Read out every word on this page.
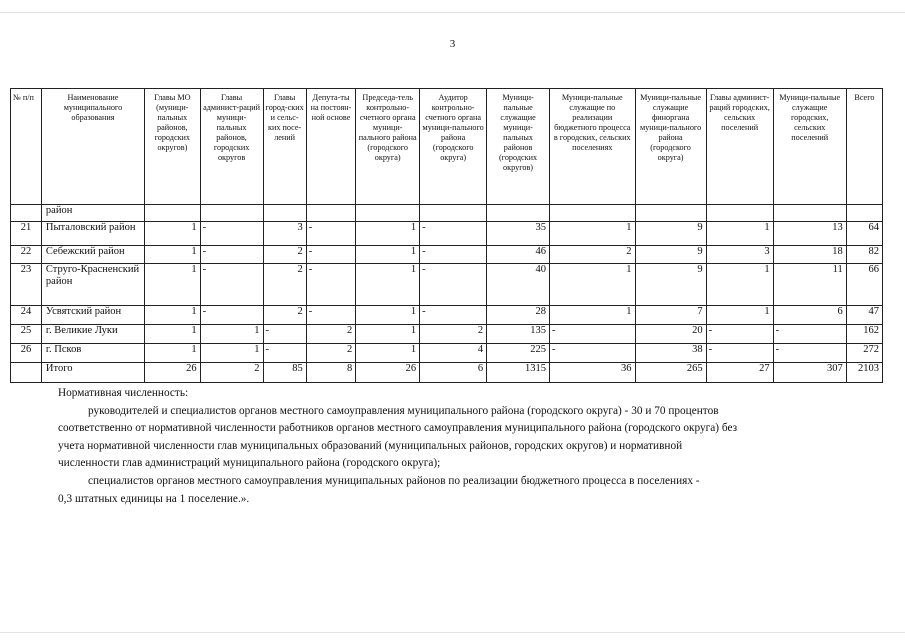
3
№ п/п	Наименование муниципального образования	Главы МО (муници-пальных районов, городских округов)	Главы админист-раций муници-пальных районов, городских округов	Главы город-ских и сельс-ких посе-лений	Депута-ты на постоян-ной основе	Председа-тель контрольно-счетного органа муници-пального района (городского округа)	Аудитор контрольно-счетного органа муници-пального района (городского округа)	Муници-пальные служащие муници-пальных районов (городских округов)	Муници-пальные служащие по реализации бюджетного процесса в городских, сельских поселениях	Муници-пальные служащие финоргана муници-пального района (городского округа)	Главы админист-раций городских, сельских поселений	Муници-пальные служащие городских, сельских поселений	Всего
	район												
21	Пыталовский район	1	-	3	-	1	-	35	1	9	1	13	64
22	Себежский район	1	-	2	-	1	-	46	2	9	3	18	82
23	Струго-Красненский район	1	-	2	-	1	-	40	1	9	1	11	66
24	Усвятский район	1	-	2	-	1	-	28	1	7	1	6	47
25	г. Великие Луки	1	1	-	2	1	2	135	-	20	-	-	162
26	г. Псков	1	1	-	2	1	4	225	-	38	-	-	272
	Итого	26	2	85	8	26	6	1315	36	265	27	307	2103

Нормативная численность:

руководителей и специалистов органов местного самоуправления муниципального района (городского округа) - 30 и 70 процентов

соответственно от нормативной численности работников органов местного самоуправления муниципального района (городского округа) без

учета нормативной численности глав муниципальных образований (муниципальных районов, городских округов) и нормативной

численности глав администраций муниципального района (городского округа);

специалистов органов местного самоуправления муниципальных районов по реализации бюджетного процесса в поселениях -

0,3 штатных единицы на 1 поселение.».
